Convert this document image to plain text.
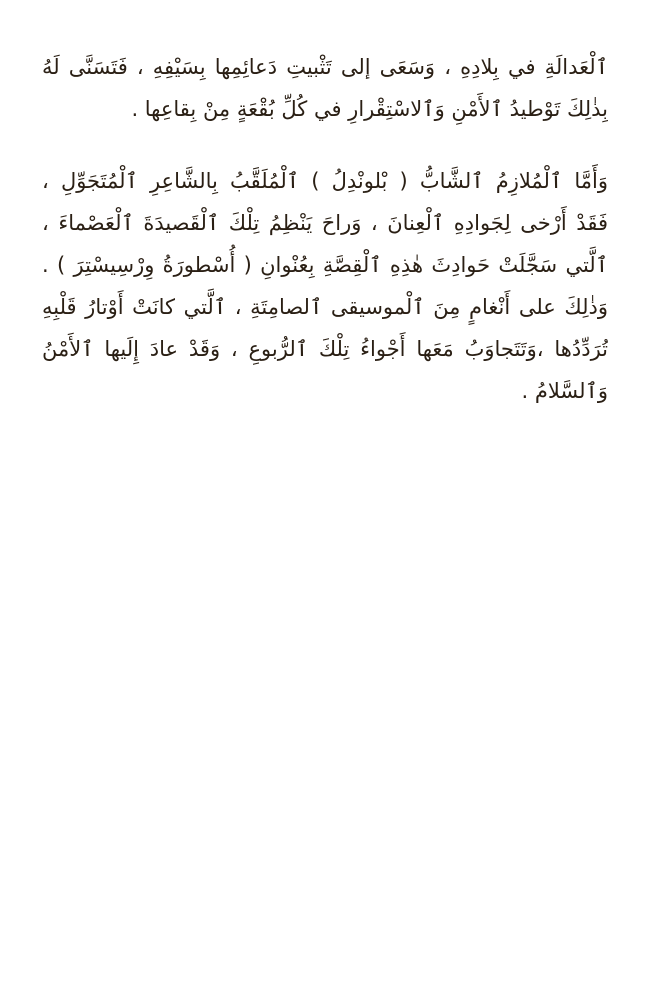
ٱلْعَدالَةِ في بِلادِهِ ، وَسَعَى إلى تَثْبيتِ دَعائِمِها بِسَيْفِهِ ، فَتَسَنَّى لَهُ
بِذٰلِكَ تَوْطيدُ ٱلأَمْنِ وَٱلاسْتِقْرارِ في كُلِّ بُقْعَةٍ مِنْ بِقاعِها .

وَأَمَّا ٱلْمُلازِمُ ٱلشَّابُّ ( بْلونْدِلُ ) ٱلْمُلَقَّبُ بِالشَّاعِرِ ٱلْمُتَجَوِّلِ ،
فَقَدْ أَرْخى لِجَوادِهِ ٱلْعِنانَ ، وَراحَ يَنْظِمُ تِلْكَ ٱلْقَصيدَةَ ٱلْعَصْماءَ ،
ٱلَّتي سَجَّلَتْ حَوادِثَ هٰذِهِ ٱلْقِصَّةِ بِعُنْوانِ ( أُسْطورَةُ وِرْسِيسْتِرَ ) .
وَذٰلِكَ على أَنْغامٍ مِنَ ٱلْموسيقى ٱلصامِتَةِ ، ٱلَّتي كانَتْ أَوْتارُ قَلْبِهِ
تُرَدِّدُها ،وَتَتَجاوَبُ مَعَها أَجْواءُ تِلْكَ ٱلرُّبوعِ ، وَقَدْ عادَ إِلَيها ٱلأَمْنُ
وَٱلسَّلامُ .
